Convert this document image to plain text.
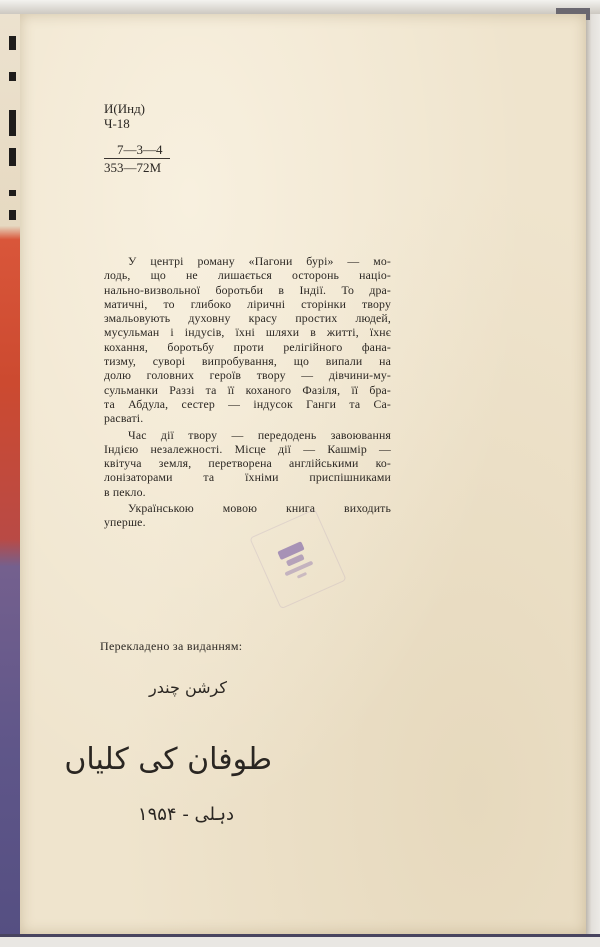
И(Инд)
Ч-18
7—3—4
353—72М
У центрі роману «Пагони бурі» — мо-
лодь, що не лишається осторонь націо-
нально-визвольної боротьби в Індії. То дра-
матичні, то глибоко ліричні сторінки твору
змальовують духовну красу простих людей,
мусульман і індусів, їхні шляхи в житті, їхнє
кохання, боротьбу проти релігійного фана-
тизму, суворі випробування, що випали на
долю головних героїв твору — дівчини-му-
сульманки Раззі та її коханого Фазіля, її бра-
та Абдула, сестер — індусок Ганги та Са-
расваті.
Час дії твору — передодень завоювання
Індією незалежності. Місце дії — Кашмір —
квітуча земля, перетворена англійськими ко-
лонізаторами та їхніми приспішниками
в пекло.
Українською мовою книга виходить
уперше.
Перекладено за виданням:
کرشن چندر
طوفان کی کلیاں
دہلی - ۱۹۵۴
